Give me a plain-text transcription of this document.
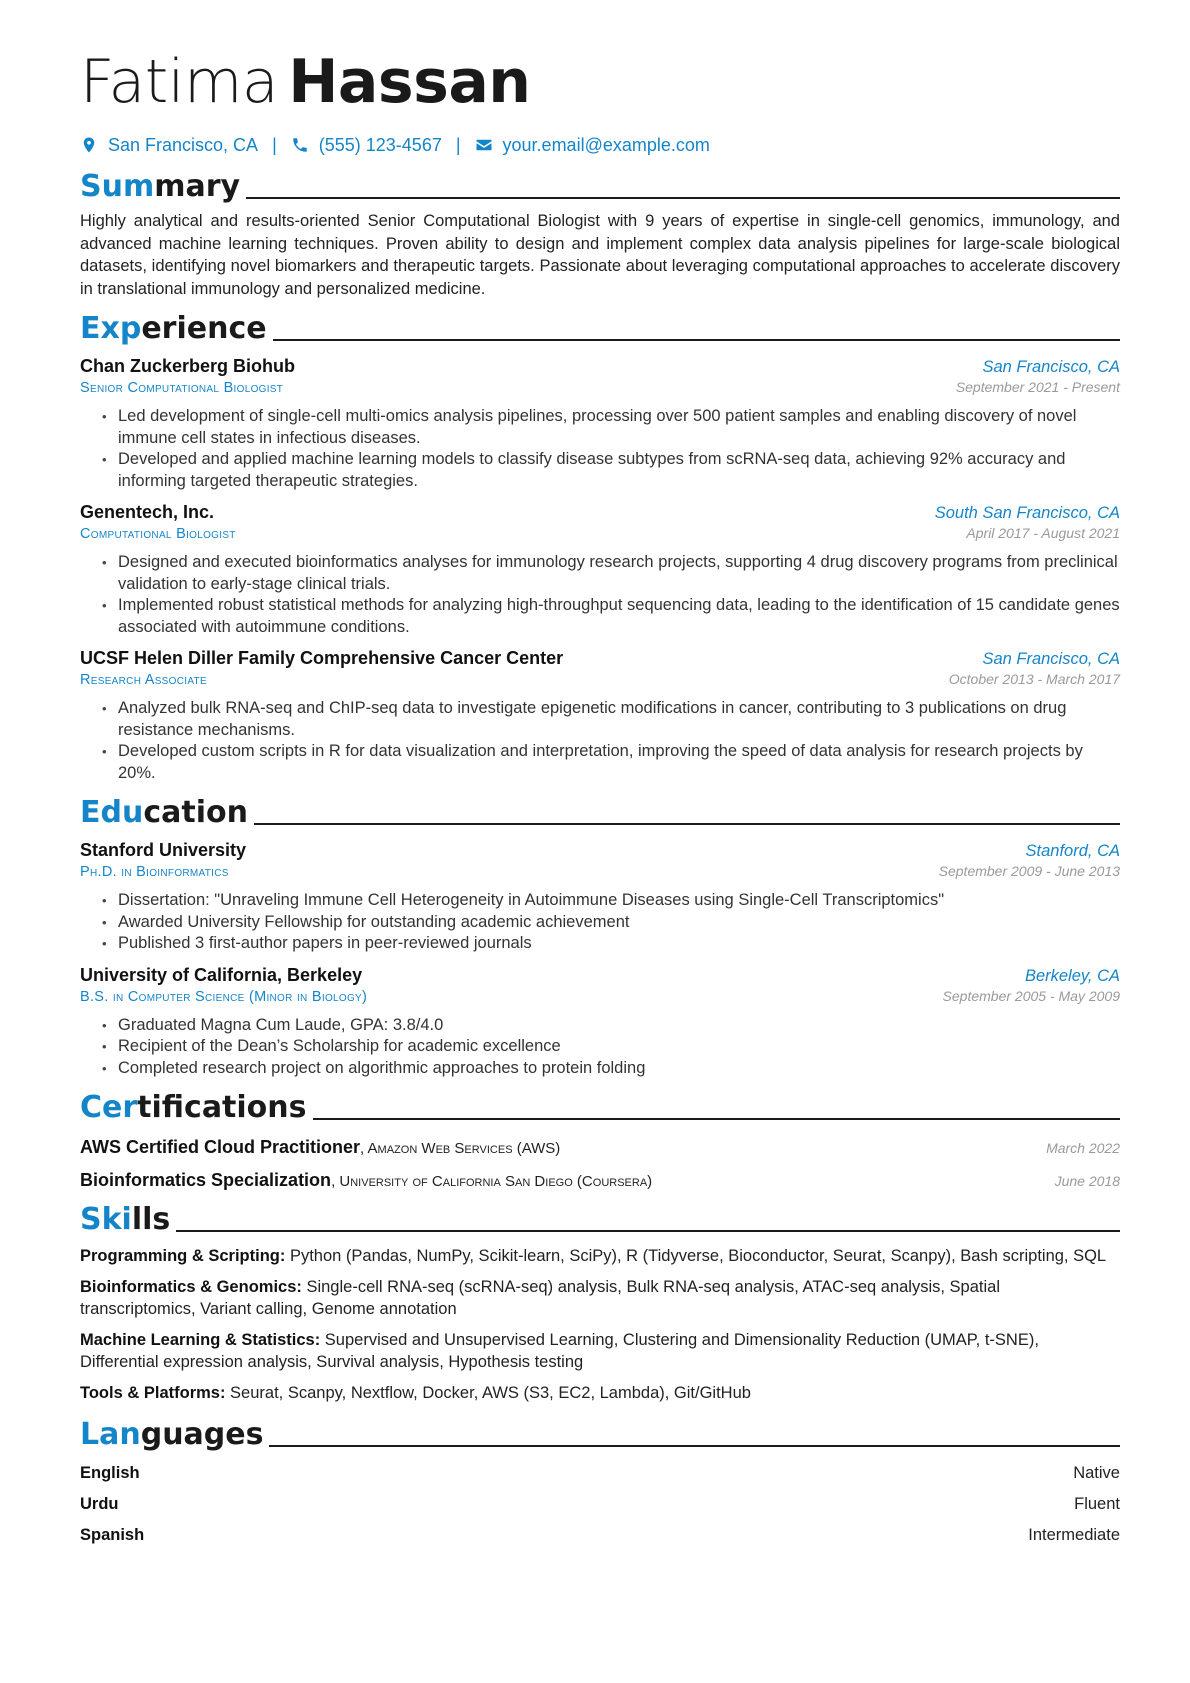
Fatima Hassan
San Francisco, CA | (555) 123-4567 | your.email@example.com
Sum mary

Highly analytical and results-oriented Senior Computational Biologist with 9 years of expertise in single-cell genomics, immunology, and advanced machine learning techniques. Proven ability to design and implement complex data analysis pipelines for large-scale biological datasets, identifying novel biomarkers and therapeutic targets. Passionate about leveraging computational approaches to accelerate discovery in translational immunology and personalized medicine.

Exp erience
Chan Zuckerberg Biohub	San Francisco, CA
Senior Computational Biologist	September 2021 - Present
• Led development of single-cell multi-omics analysis pipelines, processing over 500 patient samples and enabling discovery of novel immune cell states in infectious diseases.
• Developed and applied machine learning models to classify disease subtypes from scRNA-seq data, achieving 92% accuracy and informing targeted therapeutic strategies.
Genentech, Inc.	South San Francisco, CA
Computational Biologist	April 2017 - August 2021
• Designed and executed bioinformatics analyses for immunology research projects, supporting 4 drug discovery programs from preclinical validation to early-stage clinical trials.
• Implemented robust statistical methods for analyzing high-throughput sequencing data, leading to the identification of 15 candidate genes associated with autoimmune conditions.
UCSF Helen Diller Family Comprehensive Cancer Center	San Francisco, CA
Research Associate	October 2013 - March 2017
• Analyzed bulk RNA-seq and ChIP-seq data to investigate epigenetic modifications in cancer, contributing to 3 publications on drug resistance mechanisms.
• Developed custom scripts in R for data visualization and interpretation, improving the speed of data analysis for research projects by 20%.
Edu cation
Stanford University	Stanford, CA
Ph.D. in Bioinformatics	September 2009 - June 2013
• Dissertation: "Unraveling Immune Cell Heterogeneity in Autoimmune Diseases using Single-Cell Transcriptomics"
• Awarded University Fellowship for outstanding academic achievement
• Published 3 first-author papers in peer-reviewed journals
University of California, Berkeley	Berkeley, CA
B.S. in Computer Science (Minor in Biology)	September 2005 - May 2009
• Graduated Magna Cum Laude, GPA: 3.8/4.0
• Recipient of the Dean’s Scholarship for academic excellence
• Completed research project on algorithmic approaches to protein folding
Cer tifications
AWS Certified Cloud Practitioner, Amazon Web Services (AWS)	March 2022
Bioinformatics Specialization, University of California San Diego (Coursera)	June 2018
Ski lls

Programming & Scripting: Python (Pandas, NumPy, Scikit-learn, SciPy), R (Tidyverse, Bioconductor, Seurat, Scanpy), Bash scripting, SQL

Bioinformatics & Genomics: Single-cell RNA-seq (scRNA-seq) analysis, Bulk RNA-seq analysis, ATAC-seq analysis, Spatial transcriptomics, Variant calling, Genome annotation

Machine Learning & Statistics: Supervised and Unsupervised Learning, Clustering and Dimensionality Reduction (UMAP, t-SNE), Differential expression analysis, Survival analysis, Hypothesis testing

Tools & Platforms: Seurat, Scanpy, Nextflow, Docker, AWS (S3, EC2, Lambda), Git/GitHub

Lan guages
English	Native
Urdu	Fluent
Spanish	Intermediate
